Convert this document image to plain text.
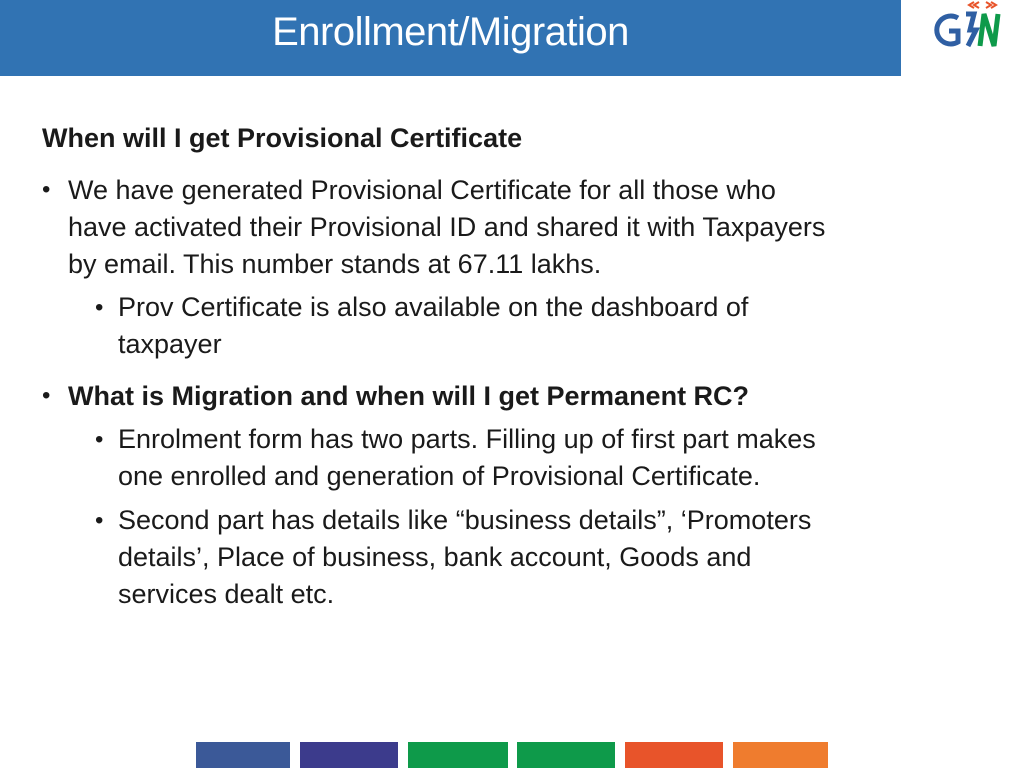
Enrollment/Migration
When will I get Provisional Certificate
• We have generated Provisional Certificate for all those who
have activated their Provisional ID and shared it with Taxpayers
by email. This number stands at 67.11 lakhs.
• Prov Certificate is also available on the dashboard of
taxpayer
• What is Migration and when will I get Permanent RC?
• Enrolment form has two parts. Filling up of first part makes
one enrolled and generation of Provisional Certificate.
• Second part has details like “business details”, ‘Promoters
details’, Place of business, bank account, Goods and
services dealt etc.
